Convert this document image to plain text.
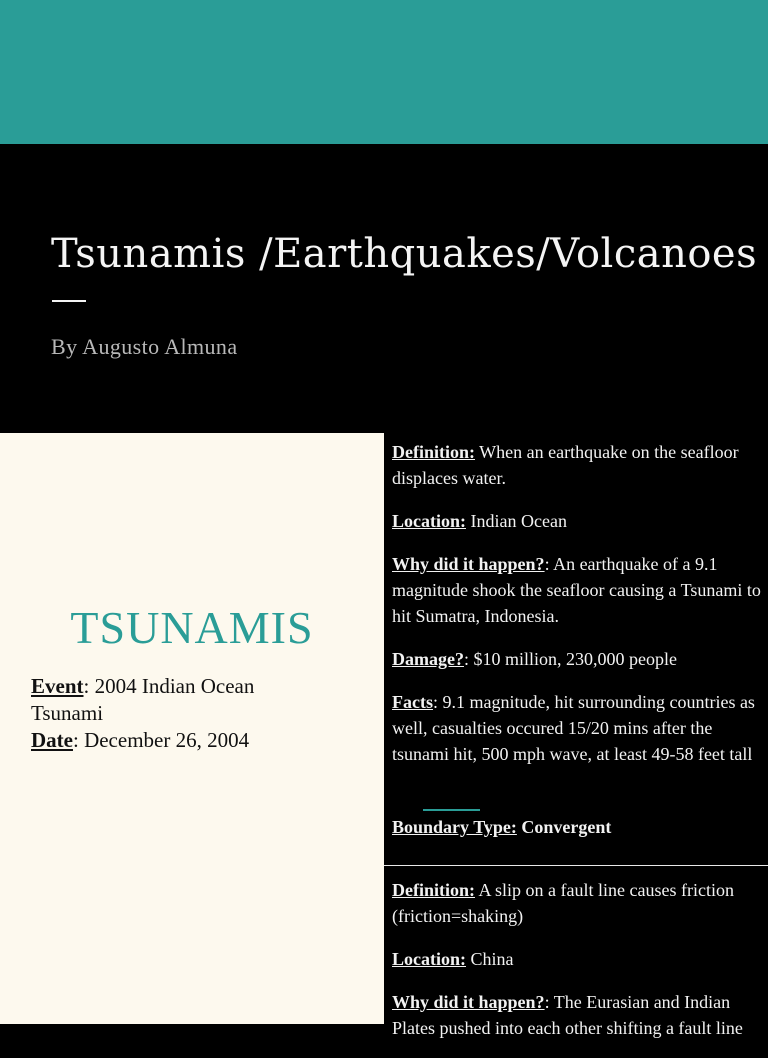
Tsunamis /Earthquakes/Volcanoes
By Augusto Almuna
TSUNAMIS
Event: 2004 Indian Ocean Tsunami
Date: December 26, 2004

Definition: When an earthquake on the seafloor displaces water.

Location: Indian Ocean

Why did it happen?: An earthquake of a 9.1 magnitude shook the seafloor causing a Tsunami to hit Sumatra, Indonesia.

Damage?: $10 million, 230,000 people

Facts: 9.1 magnitude, hit surrounding countries as well, casualties occured 15/20 mins after the tsunami hit, 500 mph wave, at least 49-58 feet tall

Boundary Type: Convergent

Definition: A slip on a fault line causes friction (friction=shaking)

Location: China

Why did it happen?: The Eurasian and Indian Plates pushed into each other shifting a fault line
